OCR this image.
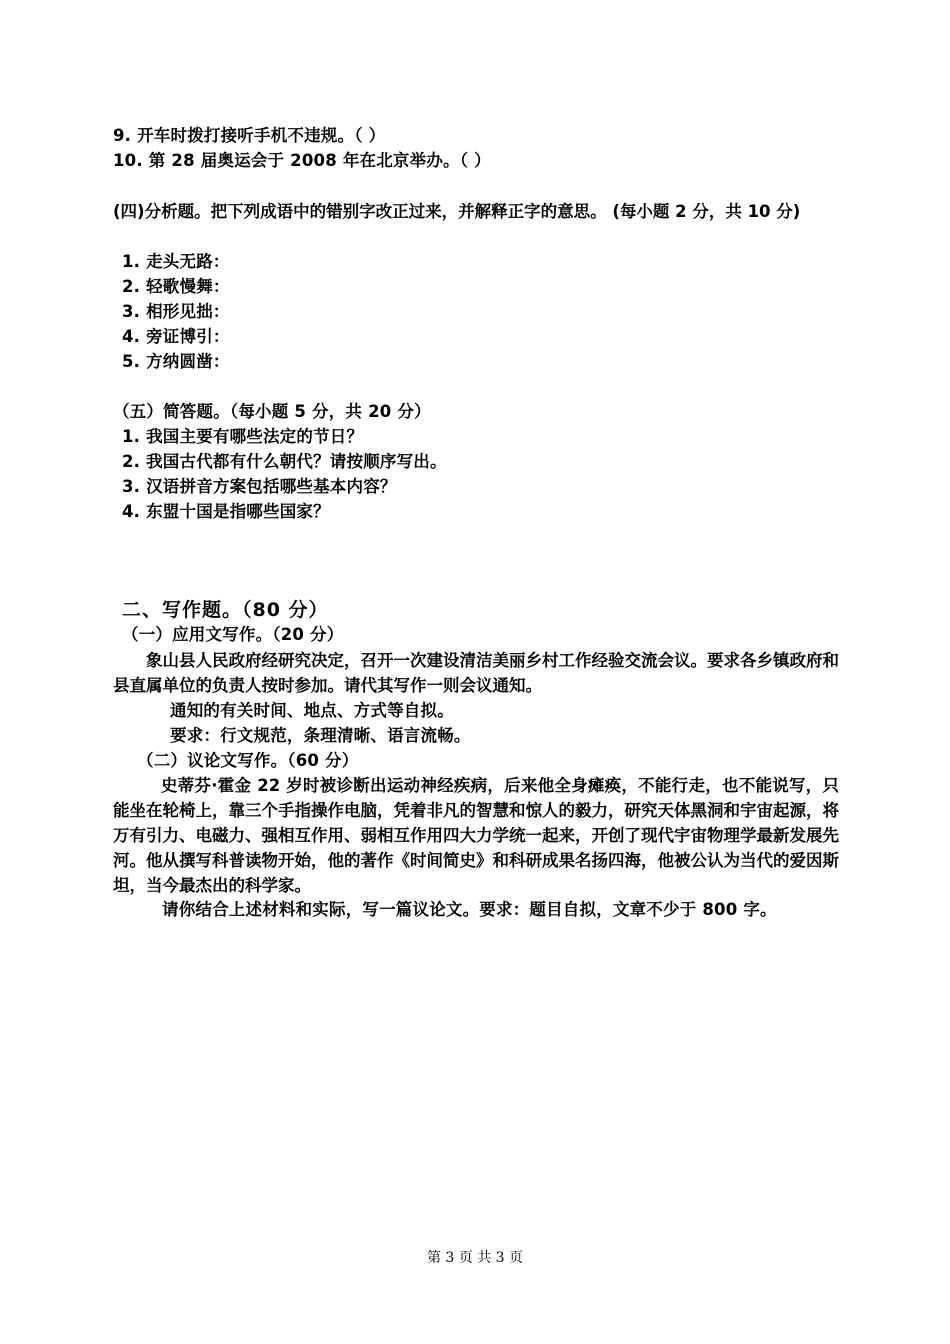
9. 开车时拨打接听手机不违规。（ ）
10. 第 28 届奥运会于 2008 年在北京举办。（ ）
(四)分析题。把下列成语中的错别字改正过来，并解释正字的意思。 (每小题 2 分，共 10 分)
1. 走头无路：
2. 轻歌慢舞：
3. 相形见拙：
4. 旁证博引：
5. 方纳圆凿：
（五）简答题。（每小题 5 分，共 20 分）
1. 我国主要有哪些法定的节日？
2. 我国古代都有什么朝代？请按顺序写出。
3. 汉语拼音方案包括哪些基本内容？
4. 东盟十国是指哪些国家？
二、写作题。（80 分）
（一）应用文写作。（20 分）
象山县人民政府经研究决定，召开一次建设清洁美丽乡村工作经验交流会议。要求各乡镇政府和县直属单位的负责人按时参加。请代其写作一则会议通知。
通知的有关时间、地点、方式等自拟。
要求：行文规范，条理清晰、语言流畅。
（二）议论文写作。（60 分）
史蒂芬·霍金 22 岁时被诊断出运动神经疾病，后来他全身瘫痪，不能行走，也不能说写，只能坐在轮椅上，靠三个手指操作电脑，凭着非凡的智慧和惊人的毅力，研究天体黑洞和宇宙起源，将万有引力、电磁力、强相互作用、弱相互作用四大力学统一起来，开创了现代宇宙物理学最新发展先河。他从撰写科普读物开始，他的著作《时间简史》和科研成果名扬四海，他被公认为当代的爱因斯坦，当今最杰出的科学家。
请你结合上述材料和实际，写一篇议论文。要求：题目自拟，文章不少于 800 字。
第 3 页 共 3 页
